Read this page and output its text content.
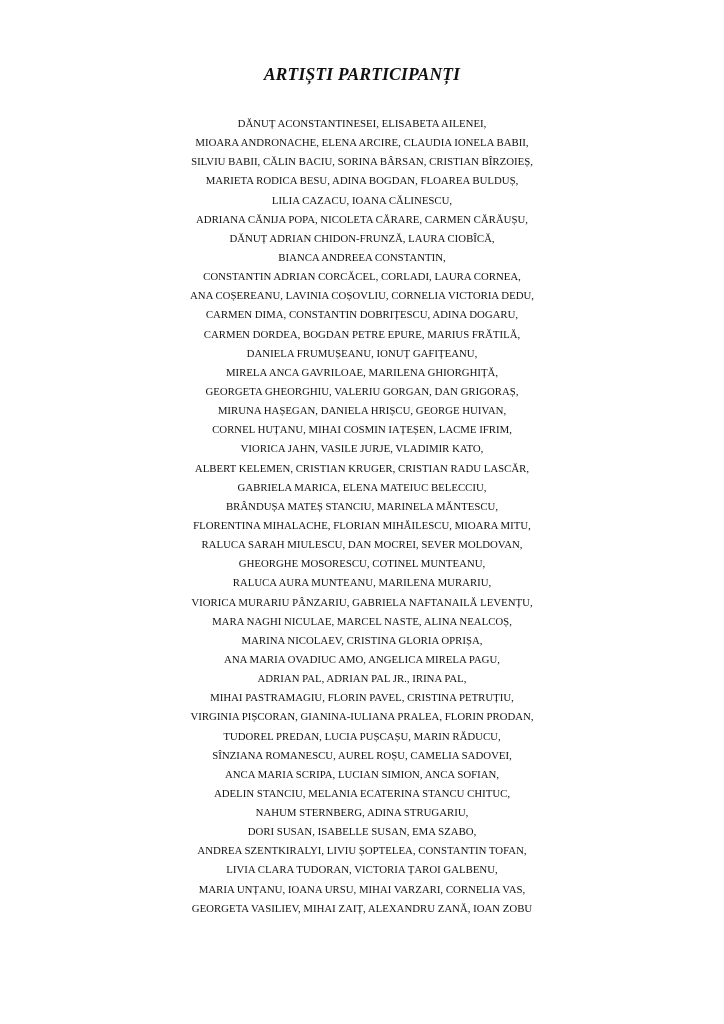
ARTIȘTI PARTICIPANȚI
DĂNUȚ ACONSTANTINESEI, ELISABETA AILENEI,
MIOARA ANDRONACHE, ELENA ARCIRE, CLAUDIA IONELA BABII,
SILVIU BABII, CĂLIN BACIU, SORINA BÂRSAN, CRISTIAN BÎRZOIEȘ,
MARIETA RODICA BESU, ADINA BOGDAN, FLOAREA BULDUȘ,
LILIA CAZACU, IOANA CĂLINESCU,
ADRIANA CĂNIJA POPA, NICOLETA CĂRARE, CARMEN CĂRĂUȘU,
DĂNUȚ ADRIAN CHIDON-FRUNZĂ, LAURA CIOBÎCĂ,
BIANCA ANDREEA CONSTANTIN,
CONSTANTIN ADRIAN CORCĂCEL, CORLADI, LAURA CORNEA,
ANA COȘEREANU, LAVINIA COȘOVLIU, CORNELIA VICTORIA DEDU,
CARMEN DIMA, CONSTANTIN DOBRIȚESCU, ADINA DOGARU,
CARMEN DORDEA, BOGDAN PETRE EPURE, MARIUS FRĂTILĂ,
DANIELA FRUMUȘEANU, IONUȚ GAFIȚEANU,
MIRELA ANCA GAVRILOAE, MARILENA GHIORGHIȚĂ,
GEORGETA GHEORGHIU, VALERIU GORGAN, DAN GRIGORAȘ,
MIRUNA HAȘEGAN, DANIELA HRIȘCU, GEORGE HUIVAN,
CORNEL HUȚANU, MIHAI COSMIN IAȚEȘEN, LACME IFRIM,
VIORICA JAHN, VASILE JURJE, VLADIMIR KATO,
ALBERT KELEMEN, CRISTIAN KRUGER, CRISTIAN RADU LASCĂR,
GABRIELA MARICA, ELENA MATEIUC BELECCIU,
BRÂNDUȘA MATEȘ STANCIU, MARINELA MĂNTESCU,
FLORENTINA MIHALACHE, FLORIAN MIHĂILESCU, MIOARA MITU,
RALUCA SARAH MIULESCU, DAN MOCREI, SEVER MOLDOVAN,
GHEORGHE MOSORESCU, COTINEL MUNTEANU,
RALUCA AURA MUNTEANU, MARILENA MURARIU,
VIORICA MURARIU PÂNZARIU, GABRIELA NAFTANAILĂ LEVENȚU,
MARA NAGHI NICULAE, MARCEL NASTE, ALINA NEALCOȘ,
MARINA NICOLAEV, CRISTINA GLORIA OPRIȘA,
ANA MARIA OVADIUC AMO, ANGELICA MIRELA PAGU,
ADRIAN PAL, ADRIAN PAL JR., IRINA PAL,
MIHAI PASTRAMAGIU, FLORIN PAVEL, CRISTINA PETRUȚIU,
VIRGINIA PIȘCORAN, GIANINA-IULIANA PRALEA, FLORIN PRODAN,
TUDOREL PREDAN, LUCIA PUȘCAȘU, MARIN RĂDUCU,
SÎNZIANA ROMANESCU, AUREL ROȘU, CAMELIA SADOVEI,
ANCA MARIA SCRIPA, LUCIAN SIMION, ANCA SOFIAN,
ADELIN STANCIU, MELANIA ECATERINA STANCU CHITUC,
NAHUM STERNBERG, ADINA STRUGARIU,
DORI SUSAN, ISABELLE SUSAN, EMA SZABO,
ANDREA SZENTKIRALYI, LIVIU ȘOPTELEA, CONSTANTIN TOFAN,
LIVIA CLARA TUDORAN, VICTORIA ȚAROI GALBENU,
MARIA UNȚANU, IOANA URSU, MIHAI VARZARI, CORNELIA VAS,
GEORGETA VASILIEV, MIHAI ZAIȚ, ALEXANDRU ZANĂ, IOAN ZOBU
